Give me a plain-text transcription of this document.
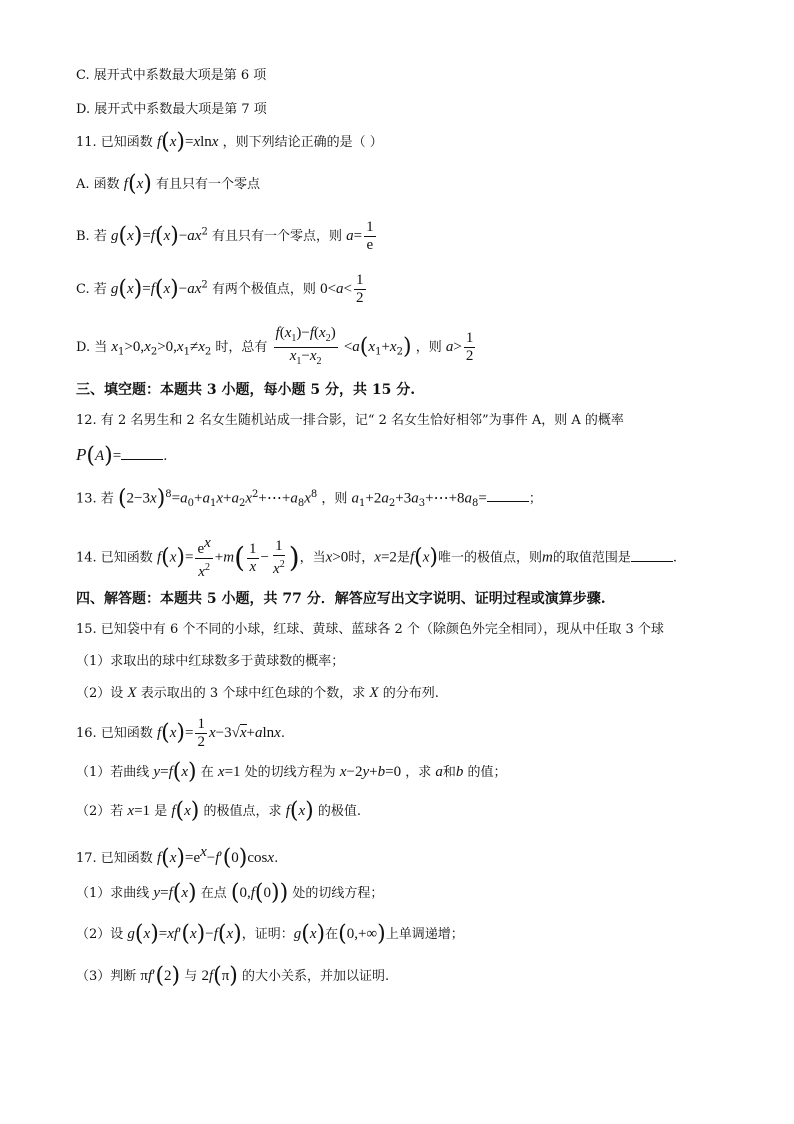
C. 展开式中系数最大项是第 6 项
D. 展开式中系数最大项是第 7 项
11. 已知函数 f(x)=xlnx ，则下列结论正确的是（ ）
A. 函数 f(x) 有且只有一个零点
B. 若 $g(x)=f(x)-ax^2$ 有且只有一个零点，则 $a= \frac{1}{e}$
C. 若 $g(x)=f(x)-ax^2$ 有两个极值点，则 $0<a< \frac{1}{2}$
D. 当 $x_1>0,x_2>0,x_1\ne x_2$ 时，总有 $\frac{f(x_1)-f(x_2)}{x_1-x_2} <a(x_1+x_2)$ ，则 $a> \frac{1}{2}$
三、填空题：本题共 3 小题，每小题 5 分，共 15 分.
12. 有 2 名男生和 2 名女生随机站成一排合影，记“ 2 名女生恰好相邻”为事件 A，则 A 的概率
P(A)=	.
13. 若 $(2-3x)^8=a_0+a_1x+a_2x^2+\cdots+a_8x^8$ ，则 $a_1+2a_2+3a_3+\cdots+8a_8=$	；
14. 已知函数 $f(x)= \frac{e^x}{x^2} +m( \frac{1}{x} - \frac{1}{x^2}$ )，当x>0时，x=2是f(x)唯一的极值点，则m的取值范围是	.
四、解答题：本题共 5 小题，共 77 分．解答应写出文字说明、证明过程或演算步骤.
15. 已知袋中有 6 个不同的小球，红球、黄球、蓝球各 2 个（除颜色外完全相同），现从中任取 3 个球
（1）求取出的球中红球数多于黄球数的概率；
（2）设 X 表示取出的 3 个球中红色球的个数，求 X 的分布列.
16. 已知函数 $f(x)= \frac{1}{2} x-3√x+alnx$.
（1）若曲线 y=f(x) 在 x=1 处的切线方程为 x−2y+b=0 ，求 a和b 的值；
（2）若 x=1 是 f(x) 的极值点，求 f(x) 的极值.
17. 已知函数 $f(x)=e^x-f'(0)\cos x$.
（1）求曲线 y=f(x) 在点 (0,f(0)) 处的切线方程；
（2）设 g(x)=xf′(x)−f(x)，证明：g(x)在(0,+∞)上单调递增；
（3）判断 πf′(2) 与 2f(π) 的大小关系，并加以证明.
